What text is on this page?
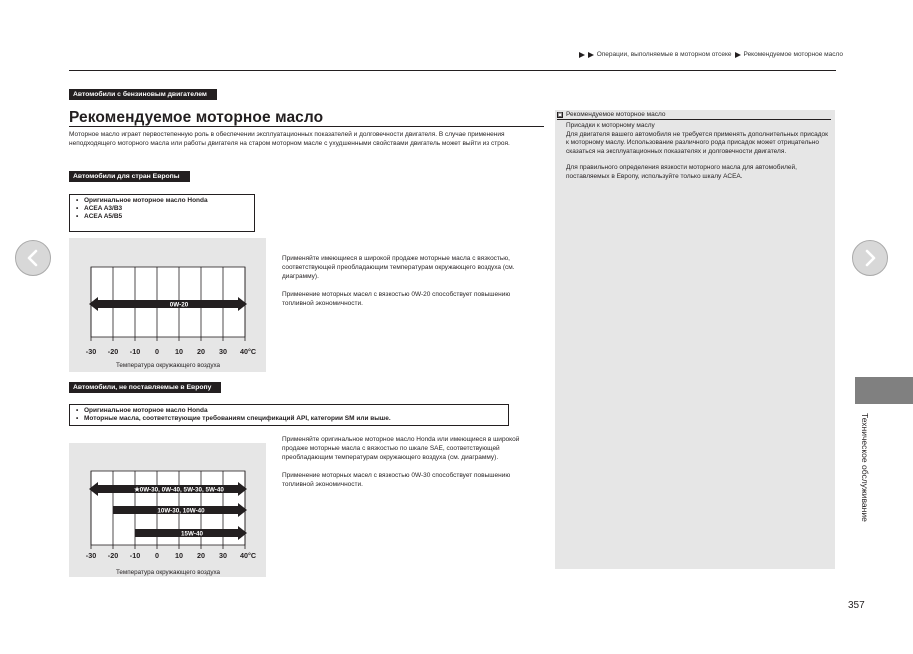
Операции, выполняемые в моторном отсеке Рекомендуемое моторное масло
Автомобили с бензиновым двигателем
Рекомендуемое моторное масло
Моторное масло играет первостепенную роль в обеспечении эксплуатационных показателей и долговечности двигателя. В случае применения неподходящего моторного масла или работы двигателя на старом моторном масле с ухудшенными свойствами двигатель может выйти из строя.
Автомобили для стран Европы
• Оригинальное моторное масло Honda
• ACEA A3/B3
• ACEA A5/B5
0W-20
-30 -20 -10 0 10 20 30 40°C
Температура окружающего воздуха

Применяйте имеющиеся в широкой продаже моторные масла с вязкостью, соответствующей преобладающим температурам окружающего воздуха (см. диаграмму).

Применение моторных масел с вязкостью 0W-20 способствует повышению топливной экономичности.

Автомобили, не поставляемые в Европу
• Оригинальное моторное масло Honda
• Моторные масла, соответствующие требованиям спецификаций API, категории SM или выше.
★0W-30, 0W-40, 5W-30, 5W-40
10W-30, 10W-40
15W-40
-30 -20 -10 0 10 20 30 40°C
Температура окружающего воздуха

Применяйте оригинальное моторное масло Honda или имеющиеся в широкой продаже моторные масла с вязкостью по шкале SAE, соответствующей преобладающим температурам окружающего воздуха (см. диаграмму).

Применение моторных масел с вязкостью 0W-30 способствует повышению топливной экономичности.

▣ Рекомендуемое моторное масло
Присадки к моторному маслу

Для двигателя вашего автомобиля не требуется применять дополнительных присадок к моторному маслу. Использование различного рода присадок может отрицательно сказаться на эксплуатационных показателях и долговечности двигателя.

Для правильного определения вязкости моторного масла для автомобилей, поставляемых в Европу, используйте только шкалу ACEA.

Техническое обслуживание
357
